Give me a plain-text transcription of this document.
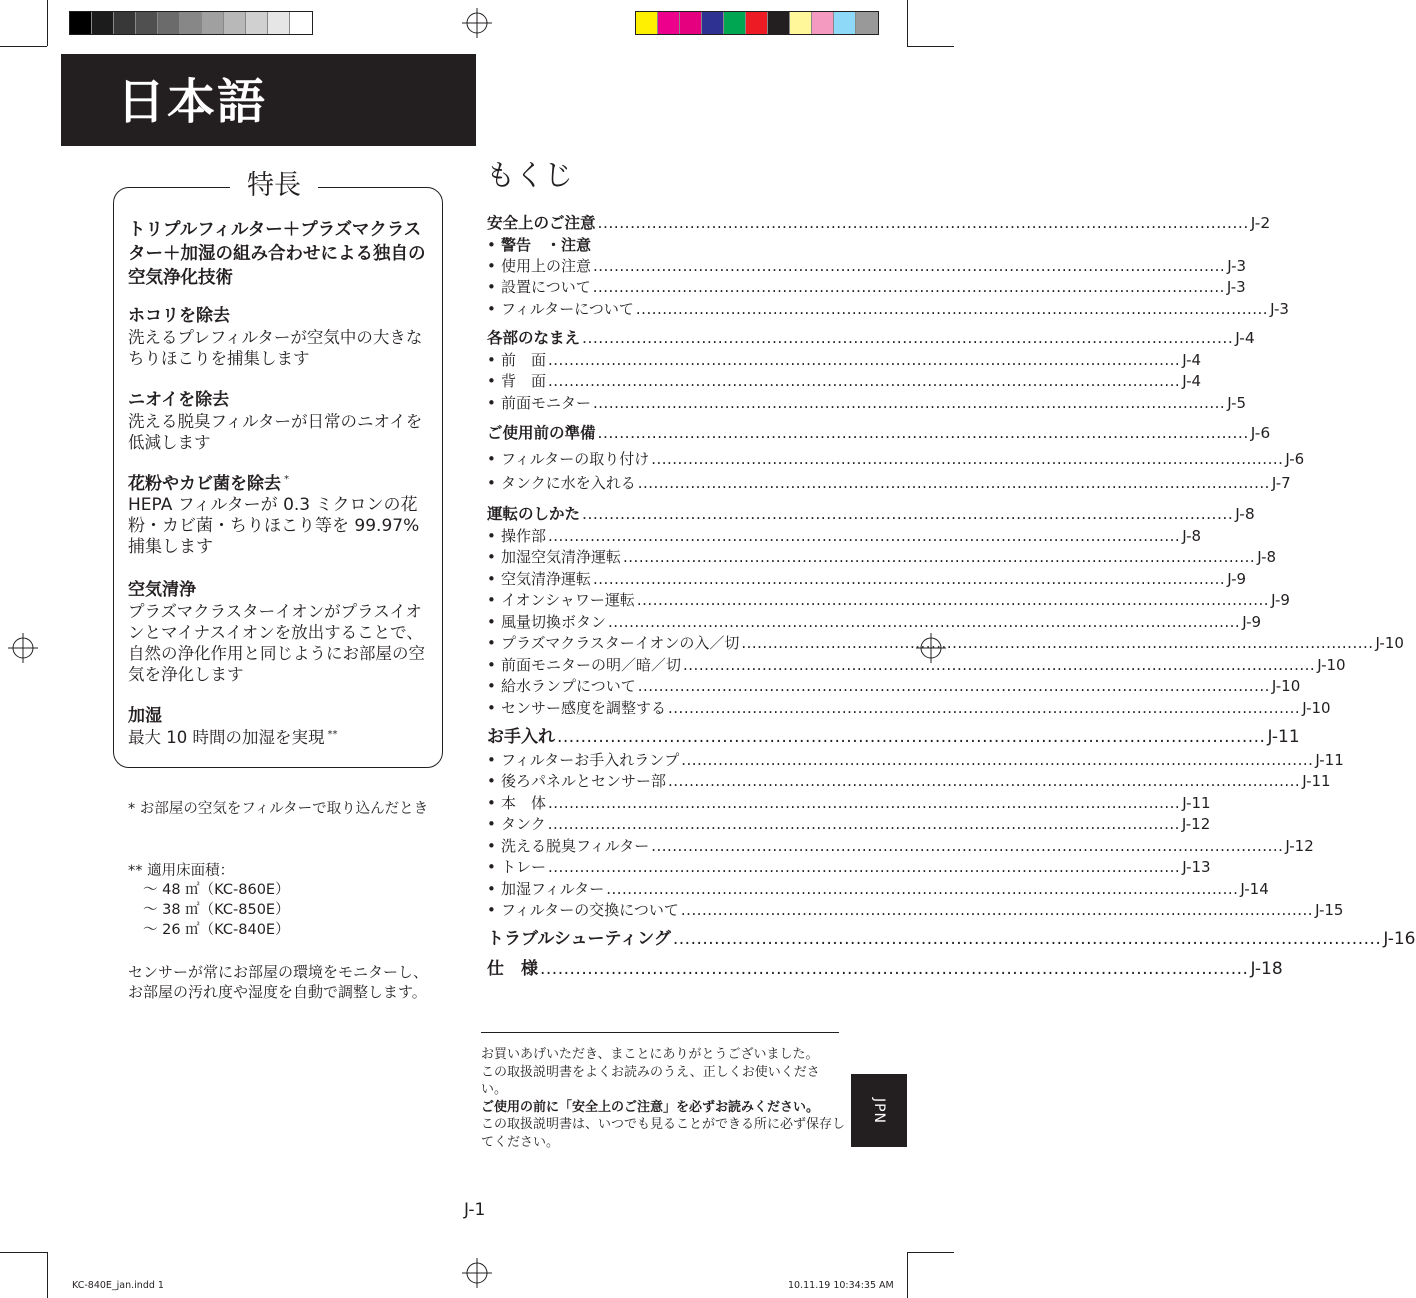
日本語
特長
トリプルフィルター＋プラズマクラスター＋加湿の組み合わせによる独自の空気浄化技術
ホコリを除去
洗えるプレフィルターが空気中の大きなちりほこりを捕集します
ニオイを除去
洗える脱臭フィルターが日常のニオイを低減します
花粉やカビ菌を除去 *
HEPA フィルターが 0.3 ミクロンの花粉・カビ菌・ちりほこり等を 99.97% 捕集します
空気清浄
プラズマクラスターイオンがプラスイオンとマイナスイオンを放出することで、自然の浄化作用と同じようにお部屋の空気を浄化します
加湿
最大 10 時間の加湿を実現 **
* お部屋の空気をフィルターで取り込んだとき
** 適用床面積：
～ 48 ㎡（KC-860E）
～ 38 ㎡（KC-850E）
～ 26 ㎡（KC-840E）
センサーが常にお部屋の環境をモニターし、お部屋の汚れ度や湿度を自動で調整します。
もくじ
安全上のご注意 ........................................................................................................................ J-2
• 警告　・注意
• 使用上の注意 ........................................................................................................................ J-3
• 設置について ........................................................................................................................ J-3
• フィルターについて ........................................................................................................................ J-3
各部のなまえ ........................................................................................................................ J-4
• 前　面 ........................................................................................................................ J-4
• 背　面 ........................................................................................................................ J-4
• 前面モニター ........................................................................................................................ J-5
ご使用前の準備 ........................................................................................................................ J-6
• フィルターの取り付け ........................................................................................................................ J-6
• タンクに水を入れる ........................................................................................................................ J-7
運転のしかた ........................................................................................................................ J-8
• 操作部 ........................................................................................................................ J-8
• 加湿空気清浄運転 ........................................................................................................................ J-8
• 空気清浄運転 ........................................................................................................................ J-9
• イオンシャワー運転 ........................................................................................................................ J-9
• 風量切換ボタン ........................................................................................................................ J-9
• プラズマクラスターイオンの入／切 ........................................................................................................................ J-10
• 前面モニターの明／暗／切 ........................................................................................................................ J-10
• 給水ランプについて ........................................................................................................................ J-10
• センサー感度を調整する ........................................................................................................................ J-10
お手入れ ........................................................................................................................ J-11
• フィルターお手入れランプ ........................................................................................................................ J-11
• 後ろパネルとセンサー部 ........................................................................................................................ J-11
• 本　体 ........................................................................................................................ J-11
• タンク ........................................................................................................................ J-12
• 洗える脱臭フィルター ........................................................................................................................ J-12
• トレー ........................................................................................................................ J-13
• 加湿フィルター ........................................................................................................................ J-14
• フィルターの交換について ........................................................................................................................ J-15
トラブルシューティング ........................................................................................................................ J-16
仕　様 ........................................................................................................................ J-18
お買いあげいただき、まことにありがとうございました。
この取扱説明書をよくお読みのうえ、正しくお使いください。
ご使用の前に「安全上のご注意」を必ずお読みください。
この取扱説明書は、いつでも見ることができる所に必ず保存してください。
JPN
J-1
KC-840E_jan.indd 1	10.11.19 10:34:35 AM
